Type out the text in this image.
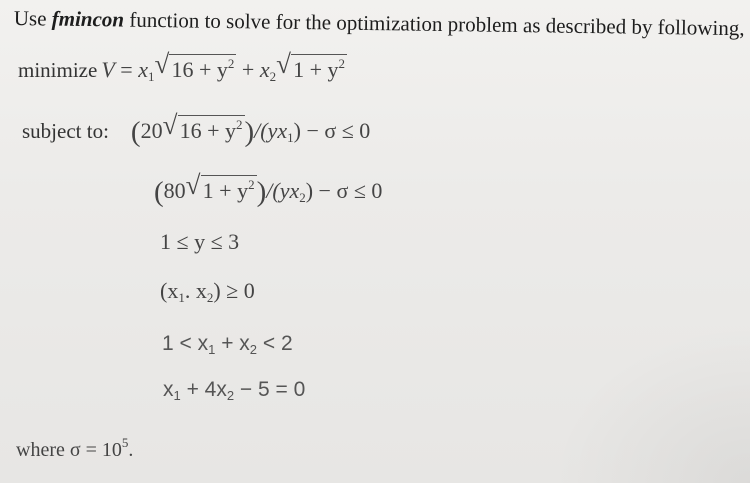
Use fmincon function to solve for the optimization problem as described by following,
minimize $V = x_1$ √ $16 + y^2 + x_2$ √ $1 + y^2$
subject to: (20 √ $16 + y^2)/(yx_1) - \sigma \le 0$
(80 √ $1 + y^2)/(yx_2) - \sigma \le 0$
1 ≤ y ≤ 3
($x_1$. $x_2) \ge 0$
$1 < x_1 + x_2 < 2$
$x_1 + 4x_2 - 5 = 0$
where $\sigma = 10^5$.
